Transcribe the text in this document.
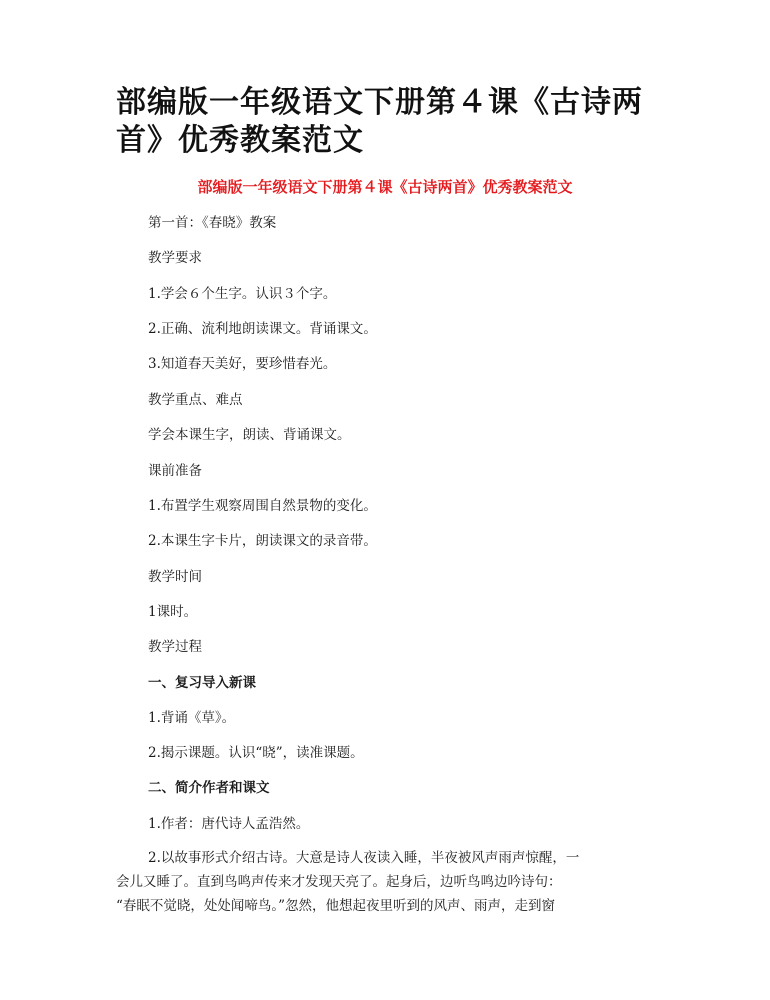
部编版一年级语文下册第４课《古诗两
首》优秀教案范文

部编版一年级语文下册第４课《古诗两首》优秀教案范文

第一首：《春晓》教案

教学要求

1.学会６个生字。认识３个字。

2.正确、流利地朗读课文。背诵课文。

3.知道春天美好，要珍惜春光。

教学重点、难点

学会本课生字，朗读、背诵课文。

课前准备

1.布置学生观察周围自然景物的变化。

2.本课生字卡片，朗读课文的录音带。

教学时间

1课时。

教学过程

一、复习导入新课

1.背诵《草》。

2.揭示课题。认识“晓”，读准课题。

二、简介作者和课文

1.作者：唐代诗人孟浩然。

2.以故事形式介绍古诗。大意是诗人夜读入睡，半夜被风声雨声惊醒，一
会儿又睡了。直到鸟鸣声传来才发现天亮了。起身后，边听鸟鸣边吟诗句：
“春眠不觉晓，处处闻啼鸟。”忽然，他想起夜里听到的风声、雨声，走到窗
